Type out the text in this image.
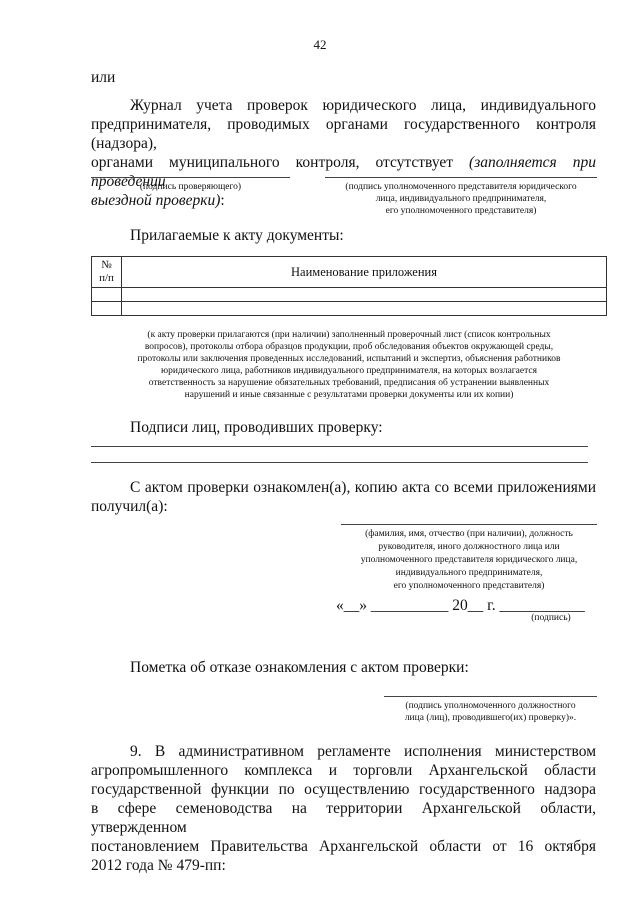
42
или
Журнал учета проверок юридического лица, индивидуального
предпринимателя, проводимых органами государственного контроля (надзора),
органами муниципального контроля, отсутствует (заполняется при проведении
выездной проверки):
(подпись проверяющего)	(подпись уполномоченного представителя юридического
лица, индивидуального предпринимателя,
его уполномоченного представителя)
Прилагаемые к акту документы:
№
п/п	Наименование приложения

(к акту проверки прилагаются (при наличии) заполненный проверочный лист (список контрольных
вопросов), протоколы отбора образцов продукции, проб обследования объектов окружающей среды,
протоколы или заключения проведенных исследований, испытаний и экспертиз, объяснения работников
юридического лица, работников индивидуального предпринимателя, на которых возлагается
ответственность за нарушение обязательных требований, предписания об устранении выявленных
нарушений и иные связанные с результатами проверки документы или их копии)
Подписи лиц, проводивших проверку:
С актом проверки ознакомлен(а), копию акта со всеми приложениями
получил(а):
(фамилия, имя, отчество (при наличии), должность
руководителя, иного должностного лица или
уполномоченного представителя юридического лица,
индивидуального предпринимателя,
его уполномоченного представителя)
«__» __________ 20__ г. ___________
(подпись)
Пометка об отказе ознакомления с актом проверки:
(подпись уполномоченного должностного
лица (лиц), проводившего(их) проверку)».
9. В административном регламенте исполнения министерством
агропромышленного комплекса и торговли Архангельской области
государственной функции по осуществлению государственного надзора
в сфере семеноводства на территории Архангельской области, утвержденном
постановлением Правительства Архангельской области от 16 октября
2012 года № 479-пп:
